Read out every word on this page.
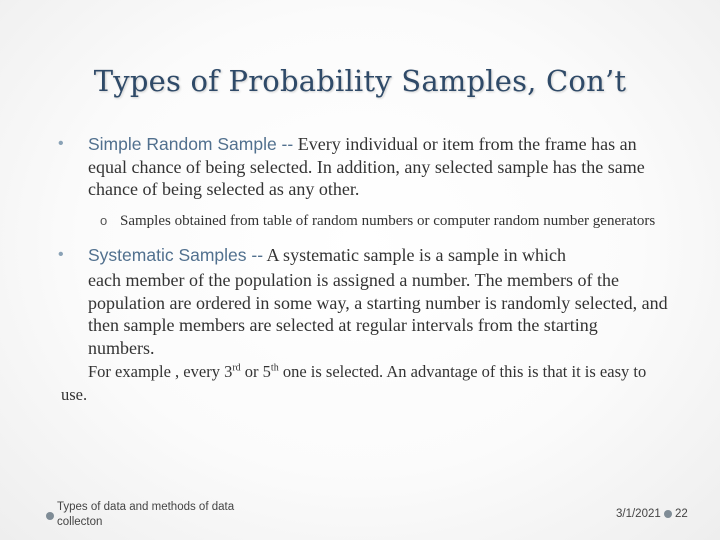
Types of Probability Samples, Con’t
•	Simple Random Sample -- Every individual or item from the frame has an equal chance of being selected. In addition, any selected sample has the same chance of being selected as any other.
o Samples obtained from table of random numbers or computer random number generators
•	Systematic Samples -- A systematic sample is a sample in which
each member of the population is assigned a number. The members of the population are ordered in some way, a starting number is randomly selected, and then sample members are selected at regular intervals from the starting numbers.
For example , every 3rd or 5th one is selected. An advantage of this is that it is easy to use.
Types of data and methods of data collecton
3/1/2021 22
